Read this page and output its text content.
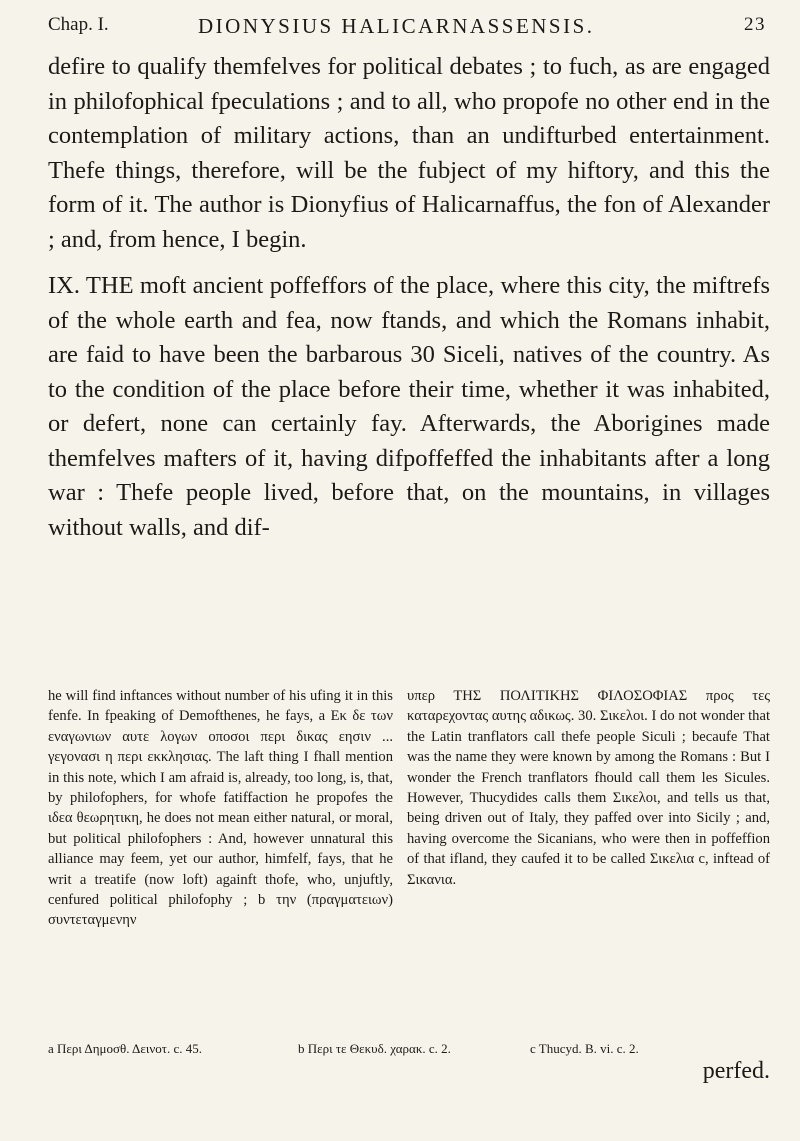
Chap. I.	DIONYSIUS HALICARNASSENSIS.	23

defire to qualify themfelves for political debates ; to fuch, as are engaged in philofophical fpeculations ; and to all, who propofe no other end in the contemplation of military actions, than an undifturbed entertainment. Thefe things, therefore, will be the fubject of my hiftory, and this the form of it. The author is Dionyfius of Halicarnaffus, the fon of Alexander ; and, from hence, I begin.

IX. THE moft ancient poffeffors of the place, where this city, the miftrefs of the whole earth and fea, now ftands, and which the Romans inhabit, are faid to have been the barbarous 30 Siceli, natives of the country. As to the condition of the place before their time, whether it was inhabited, or defert, none can certainly fay. Afterwards, the Aborigines made themfelves mafters of it, having difpoffeffed the inhabitants after a long war : Thefe people lived, before that, on the mountains, in villages without walls, and dif-

he will find inftances without number of his ufing it in this fenfe. In fpeaking of Demofthenes, he fays, a Εκ δε των εναγωνιων αυτε λογων οποσοι περι δικας εησιν ... γεγονασι η περι εκκλησιας. The laft thing I fhall mention in this note, which I am afraid is, already, too long, is, that, by philofophers, for whofe fatiffaction he propofes the ιδεα θεωρητικη, he does not mean either natural, or moral, but political philofophers : And, however unnatural this alliance may feem, yet our author, himfelf, fays, that he writ a treatife (now loft) againft thofe, who, unjuftly, cenfured political philofophy ; b την (πραγματειων) συντεταγμενην

υπερ ΤΗΣ ΠΟΛΙΤΙΚΗΣ ΦΙΛΟΣΟΦΙΑΣ προς τες καταρεχοντας αυτης αδικως. 30. Σικελοι. I do not wonder that the Latin tranflators call thefe people Siculi ; becaufe That was the name they were known by among the Romans : But I wonder the French tranflators fhould call them les Sicules. However, Thucydides calls them Σικελοι, and tells us that, being driven out of Italy, they paffed over into Sicily ; and, having overcome the Sicanians, who were then in poffeffion of that ifland, they caufed it to be called Σικελια c, inftead of Σικανια.

a Περι Δημοσθ. Δεινοτ. c. 45.	b Περι τε Θεκυδ. χαρακ. c. 2.	c Thucyd. B. vi. c. 2.
perfed.
